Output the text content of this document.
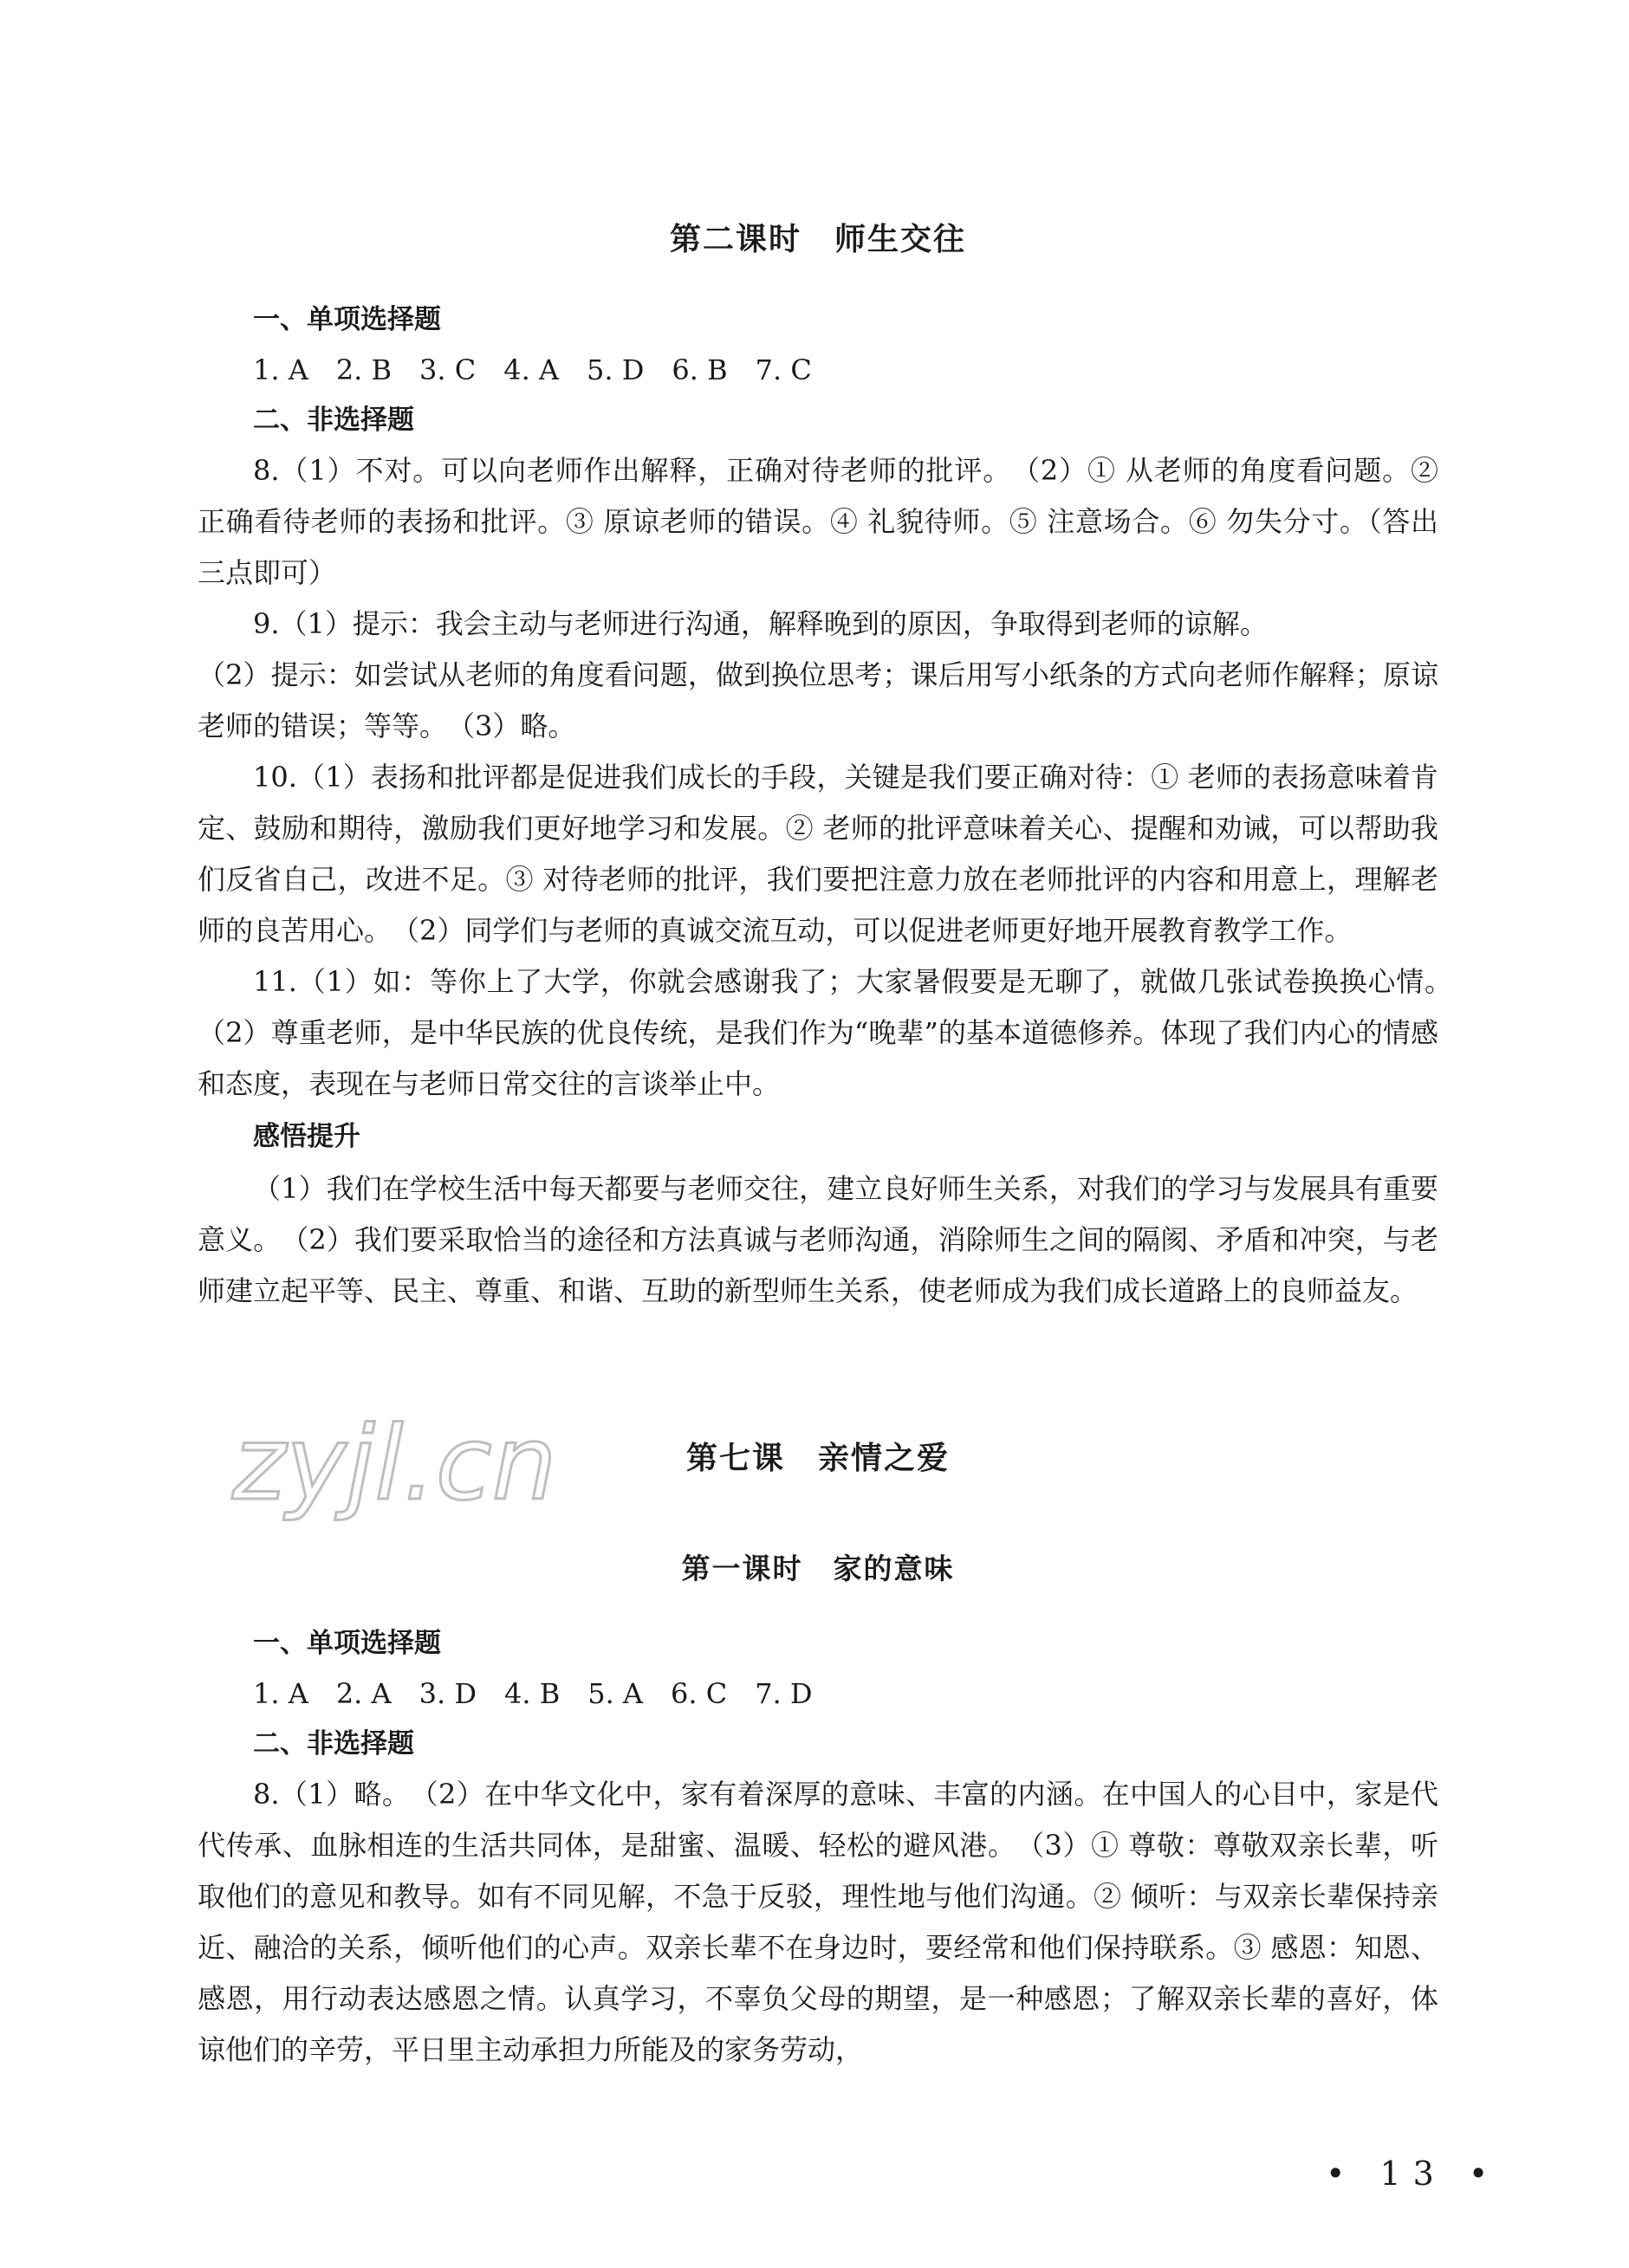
zyjl.cn
第二课时　师生交往
一、单项选择题
1. A　2. B　3. C　4. A　5. D　6. B　7. C
二、非选择题
8.（1）不对。可以向老师作出解释，正确对待老师的批评。　（2）① 从老师的角度看问题。② 正确看待老师的表扬和批评。③ 原谅老师的错误。④ 礼貌待师。⑤ 注意场合。⑥ 勿失分寸。（答出三点即可）
9.（1）提示：我会主动与老师进行沟通，解释晚到的原因，争取得到老师的谅解。
（2）提示：如尝试从老师的角度看问题，做到换位思考；课后用写小纸条的方式向老师作解释；原谅老师的错误；等等。　（3）略。
10.（1）表扬和批评都是促进我们成长的手段，关键是我们要正确对待：① 老师的表扬意味着肯定、鼓励和期待，激励我们更好地学习和发展。② 老师的批评意味着关心、提醒和劝诫，可以帮助我们反省自己，改进不足。③ 对待老师的批评，我们要把注意力放在老师批评的内容和用意上，理解老师的良苦用心。　（2）同学们与老师的真诚交流互动，可以促进老师更好地开展教育教学工作。
11.（1）如：等你上了大学，你就会感谢我了；大家暑假要是无聊了，就做几张试卷换换心情。　（2）尊重老师，是中华民族的优良传统，是我们作为“晚辈”的基本道德修养。体现了我们内心的情感和态度，表现在与老师日常交往的言谈举止中。
感悟提升
（1）我们在学校生活中每天都要与老师交往，建立良好师生关系，对我们的学习与发展具有重要意义。　（2）我们要采取恰当的途径和方法真诚与老师沟通，消除师生之间的隔阂、矛盾和冲突，与老师建立起平等、民主、尊重、和谐、互助的新型师生关系，使老师成为我们成长道路上的良师益友。
第七课　亲情之爱
第一课时　家的意味
一、单项选择题
1. A　2. A　3. D　4. B　5. A　6. C　7. D
二、非选择题
8.（1）略。　（2）在中华文化中，家有着深厚的意味、丰富的内涵。在中国人的心目中，家是代代传承、血脉相连的生活共同体，是甜蜜、温暖、轻松的避风港。　（3）① 尊敬：尊敬双亲长辈，听取他们的意见和教导。如有不同见解，不急于反驳，理性地与他们沟通。② 倾听：与双亲长辈保持亲近、融洽的关系，倾听他们的心声。双亲长辈不在身边时，要经常和他们保持联系。③ 感恩：知恩、感恩，用行动表达感恩之情。认真学习，不辜负父母的期望，是一种感恩；了解双亲长辈的喜好，体谅他们的辛劳，平日里主动承担力所能及的家务劳动，
• 13 •
